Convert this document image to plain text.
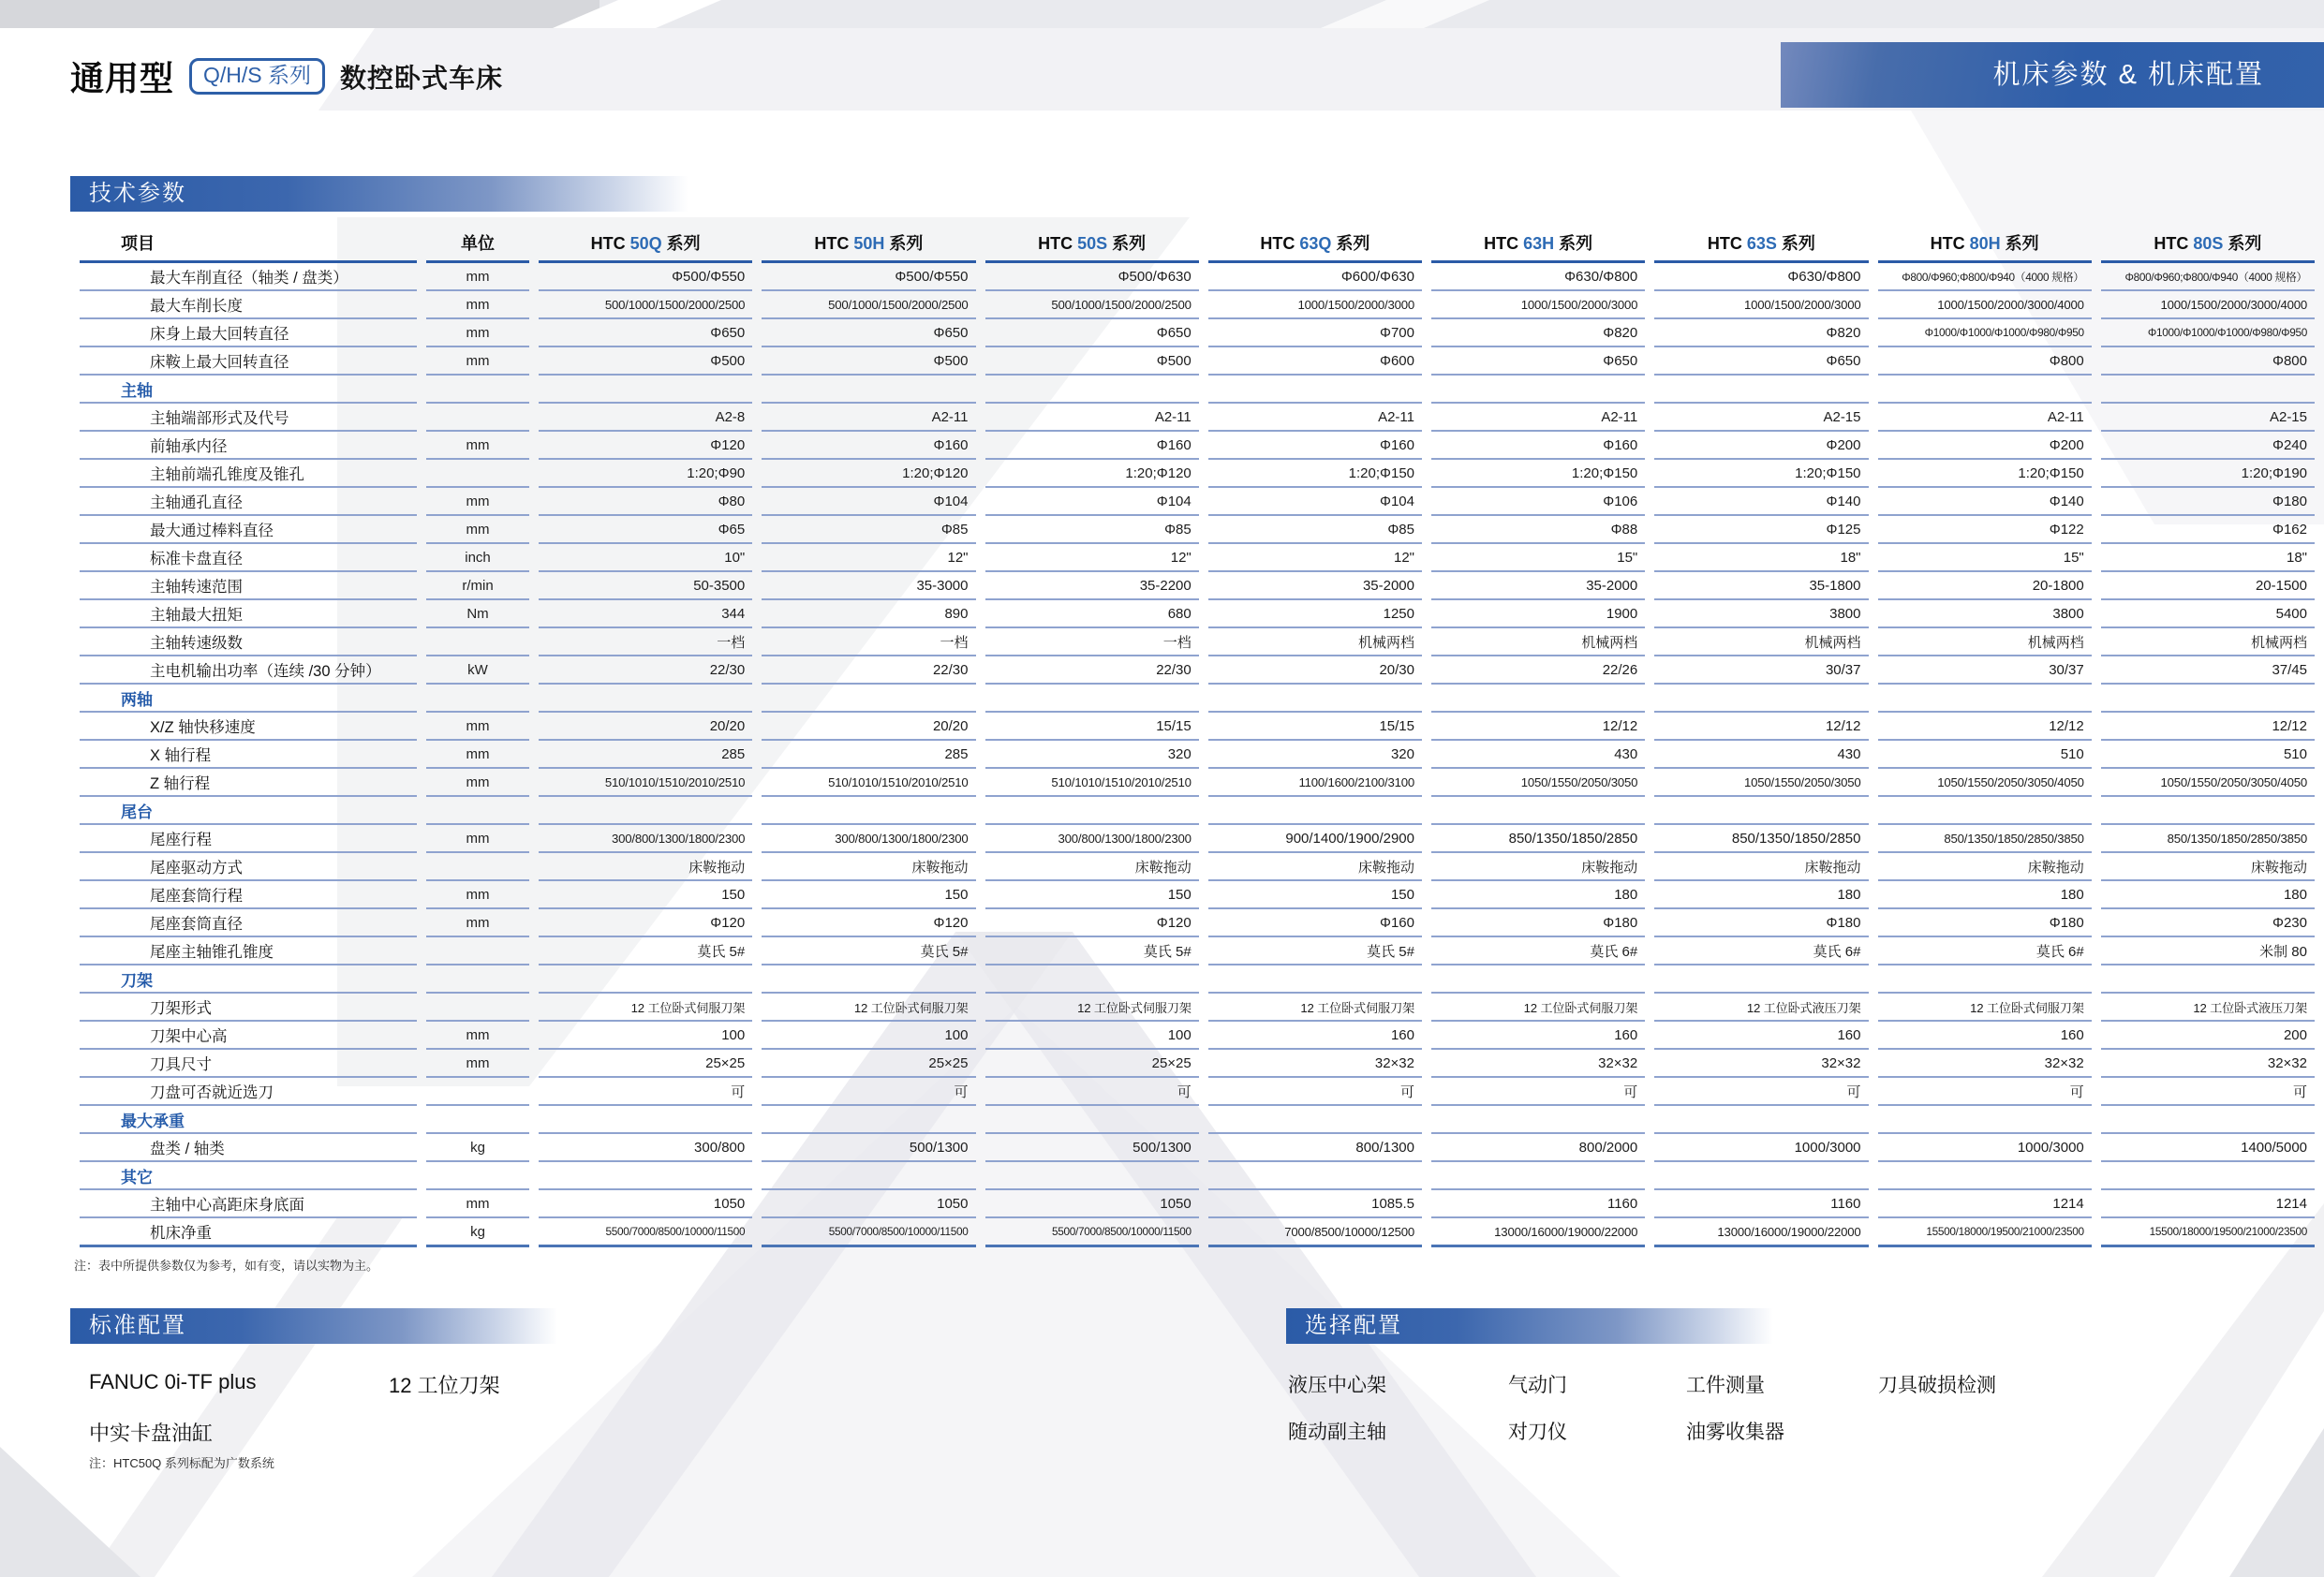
通用型	Q/H/S 系列	数控卧式车床	机床参数 & 机床配置
技术参数
项目	单位	HTC 50Q 系列	HTC 50H 系列	HTC 50S 系列	HTC 63Q 系列	HTC 63H 系列	HTC 63S 系列	HTC 80H 系列	HTC 80S 系列
最大车削直径（轴类 / 盘类）	mm	Φ500/Φ550	Φ500/Φ550	Φ500/Φ630	Φ600/Φ630	Φ630/Φ800	Φ630/Φ800	Φ800/Φ960;Φ800/Φ940（4000 规格）	Φ800/Φ960;Φ800/Φ940（4000 规格）
最大车削长度	mm	500/1000/1500/2000/2500	500/1000/1500/2000/2500	500/1000/1500/2000/2500	1000/1500/2000/3000	1000/1500/2000/3000	1000/1500/2000/3000	1000/1500/2000/3000/4000	1000/1500/2000/3000/4000
床身上最大回转直径	mm	Φ650	Φ650	Φ650	Φ700	Φ820	Φ820	Φ1000/Φ1000/Φ1000/Φ980/Φ950	Φ1000/Φ1000/Φ1000/Φ980/Φ950
床鞍上最大回转直径	mm	Φ500	Φ500	Φ500	Φ600	Φ650	Φ650	Φ800	Φ800
主轴									
主轴端部形式及代号		A2-8	A2-11	A2-11	A2-11	A2-11	A2-15	A2-11	A2-15
前轴承内径	mm	Φ120	Φ160	Φ160	Φ160	Φ160	Φ200	Φ200	Φ240
主轴前端孔锥度及锥孔		1:20;Φ90	1:20;Φ120	1:20;Φ120	1:20;Φ150	1:20;Φ150	1:20;Φ150	1:20;Φ150	1:20;Φ190
主轴通孔直径	mm	Φ80	Φ104	Φ104	Φ104	Φ106	Φ140	Φ140	Φ180
最大通过棒料直径	mm	Φ65	Φ85	Φ85	Φ85	Φ88	Φ125	Φ122	Φ162
标准卡盘直径	inch	10"	12"	12"	12"	15"	18"	15"	18"
主轴转速范围	r/min	50-3500	35-3000	35-2200	35-2000	35-2000	35-1800	20-1800	20-1500
主轴最大扭矩	Nm	344	890	680	1250	1900	3800	3800	5400
主轴转速级数		一档	一档	一档	机械两档	机械两档	机械两档	机械两档	机械两档
主电机输出功率（连续 /30 分钟）	kW	22/30	22/30	22/30	20/30	22/26	30/37	30/37	37/45
两轴									
X/Z 轴快移速度	mm	20/20	20/20	15/15	15/15	12/12	12/12	12/12	12/12
X 轴行程	mm	285	285	320	320	430	430	510	510
Z 轴行程	mm	510/1010/1510/2010/2510	510/1010/1510/2010/2510	510/1010/1510/2010/2510	1100/1600/2100/3100	1050/1550/2050/3050	1050/1550/2050/3050	1050/1550/2050/3050/4050	1050/1550/2050/3050/4050
尾台									
尾座行程	mm	300/800/1300/1800/2300	300/800/1300/1800/2300	300/800/1300/1800/2300	900/1400/1900/2900	850/1350/1850/2850	850/1350/1850/2850	850/1350/1850/2850/3850	850/1350/1850/2850/3850
尾座驱动方式		床鞍拖动	床鞍拖动	床鞍拖动	床鞍拖动	床鞍拖动	床鞍拖动	床鞍拖动	床鞍拖动
尾座套筒行程	mm	150	150	150	150	180	180	180	180
尾座套筒直径	mm	Φ120	Φ120	Φ120	Φ160	Φ180	Φ180	Φ180	Φ230
尾座主轴锥孔锥度		莫氏 5#	莫氏 5#	莫氏 5#	莫氏 5#	莫氏 6#	莫氏 6#	莫氏 6#	米制 80
刀架									
刀架形式		12 工位卧式伺服刀架	12 工位卧式伺服刀架	12 工位卧式伺服刀架	12 工位卧式伺服刀架	12 工位卧式伺服刀架	12 工位卧式液压刀架	12 工位卧式伺服刀架	12 工位卧式液压刀架
刀架中心高	mm	100	100	100	160	160	160	160	200
刀具尺寸	mm	25×25	25×25	25×25	32×32	32×32	32×32	32×32	32×32
刀盘可否就近选刀		可	可	可	可	可	可	可	可
最大承重									
盘类 / 轴类	kg	300/800	500/1300	500/1300	800/1300	800/2000	1000/3000	1000/3000	1400/5000
其它									
主轴中心高距床身底面	mm	1050	1050	1050	1085.5	1160	1160	1214	1214
机床净重	kg	5500/7000/8500/10000/11500	5500/7000/8500/10000/11500	5500/7000/8500/10000/11500	7000/8500/10000/12500	13000/16000/19000/22000	13000/16000/19000/22000	15500/18000/19500/21000/23500	15500/18000/19500/21000/23500
注：表中所提供参数仅为参考，如有变，请以实物为主。
标准配置
FANUC 0i-TF plus	12 工位刀架
中实卡盘油缸
注：HTC50Q 系列标配为广数系统
选择配置
液压中心架	气动门	工件测量	刀具破损检测
随动副主轴	对刀仪	油雾收集器
